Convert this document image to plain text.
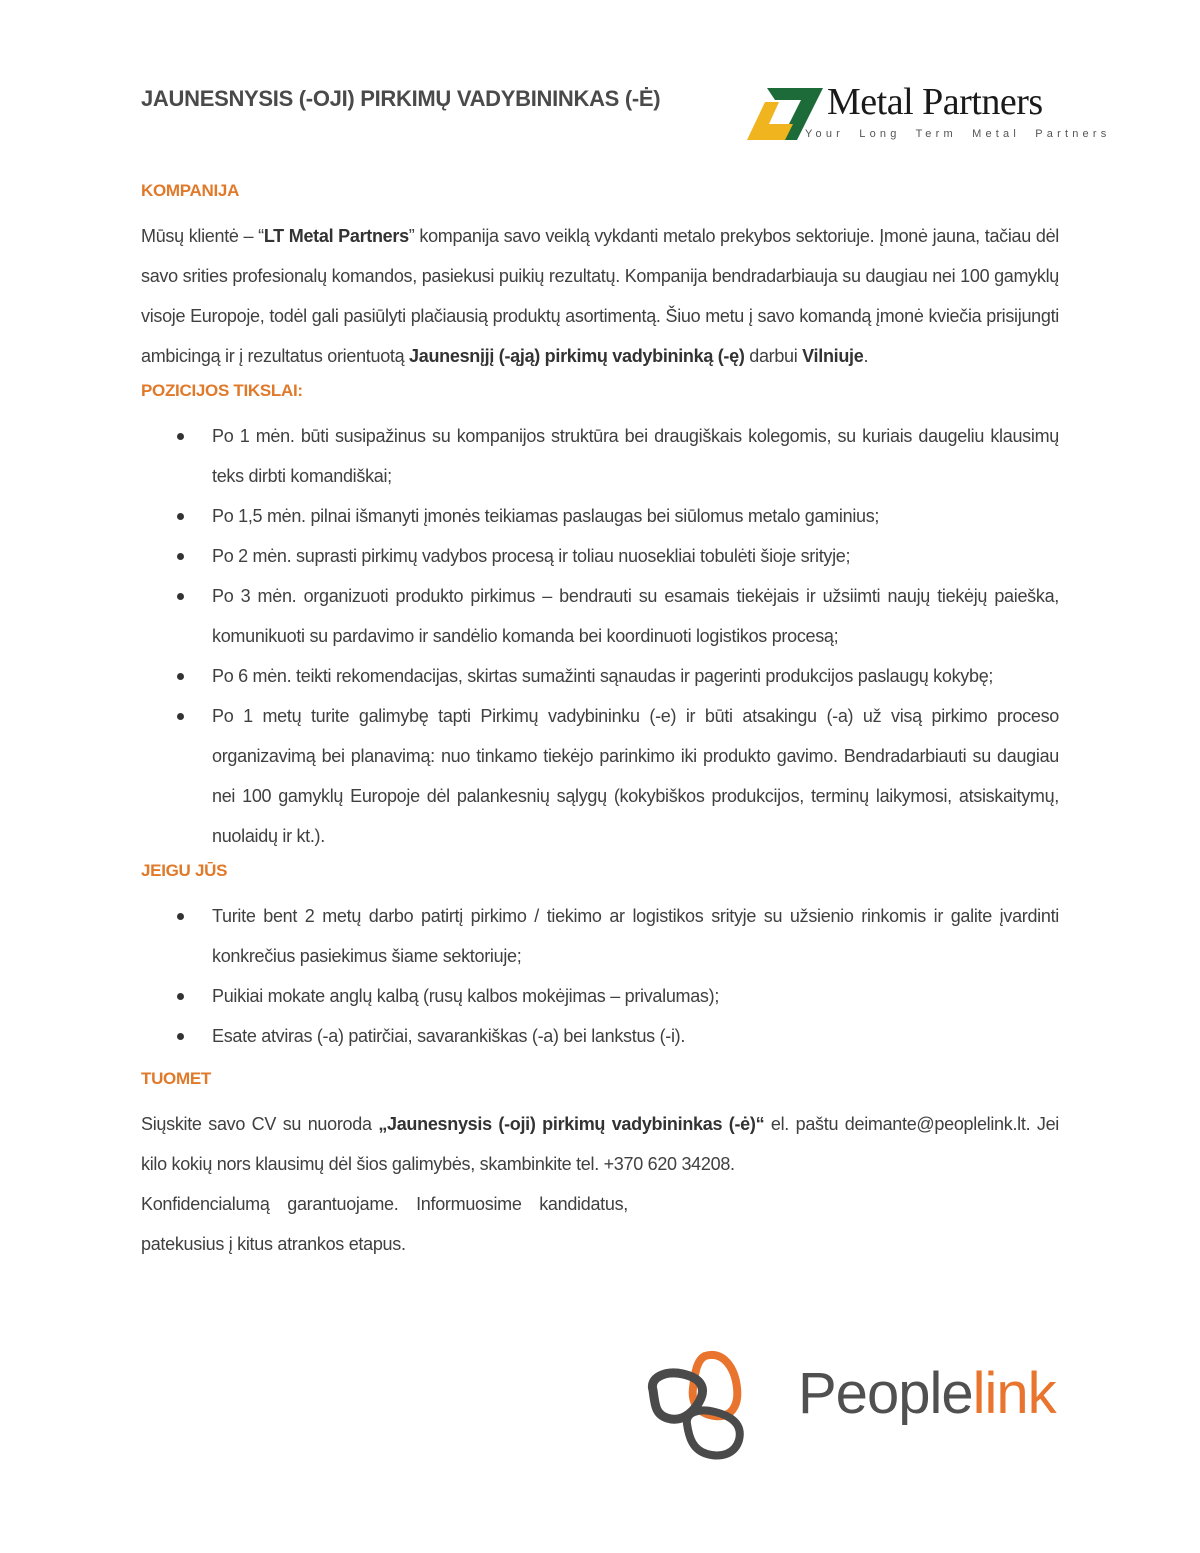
JAUNESNYSIS (-OJI) PIRKIMŲ VADYBININKAS (-Ė)	Metal Partners
Your Long Term Metal Partners
KOMPANIJA

Mūsų klientė – “LT Metal Partners” kompanija savo veiklą vykdanti metalo prekybos sektoriuje. Įmonė jauna, tačiau dėl savo srities profesionalų komandos, pasiekusi puikių rezultatų. Kompanija bendradarbiauja su daugiau nei 100 gamyklų visoje Europoje, todėl gali pasiūlyti plačiausią produktų asortimentą. Šiuo metu į savo komandą įmonė kviečia prisijungti ambicingą ir į rezultatus orientuotą Jaunesnįjį (-ąją) pirkimų vadybininką (-ę) darbui Vilniuje.

POZICIJOS TIKSLAI:
Po 1 mėn. būti susipažinus su kompanijos struktūra bei draugiškais kolegomis, su kuriais daugeliu klausimų teks dirbti komandiškai;
Po 1,5 mėn. pilnai išmanyti įmonės teikiamas paslaugas bei siūlomus metalo gaminius;
Po 2 mėn. suprasti pirkimų vadybos procesą ir toliau nuosekliai tobulėti šioje srityje;
Po 3 mėn. organizuoti produkto pirkimus – bendrauti su esamais tiekėjais ir užsiimti naujų tiekėjų paieška, komunikuoti su pardavimo ir sandėlio komanda bei koordinuoti logistikos procesą;
Po 6 mėn. teikti rekomendacijas, skirtas sumažinti sąnaudas ir pagerinti produkcijos paslaugų kokybę;
Po 1 metų turite galimybę tapti Pirkimų vadybininku (-e) ir būti atsakingu (-a) už visą pirkimo proceso organizavimą bei planavimą: nuo tinkamo tiekėjo parinkimo iki produkto gavimo. Bendradarbiauti su daugiau nei 100 gamyklų Europoje dėl palankesnių sąlygų (kokybiškos produkcijos, terminų laikymosi, atsiskaitymų, nuolaidų ir kt.).
JEIGU JŪS
Turite bent 2 metų darbo patirtį pirkimo / tiekimo ar logistikos srityje su užsienio rinkomis ir galite įvardinti konkrečius pasiekimus šiame sektoriuje;
Puikiai mokate anglų kalbą (rusų kalbos mokėjimas – privalumas);
Esate atviras (-a) patirčiai, savarankiškas (-a) bei lankstus (-i).
TUOMET

Siųskite savo CV su nuoroda „Jaunesnysis (-oji) pirkimų vadybininkas (-ė)“ el. paštu deimante@peoplelink.lt. Jei kilo kokių nors klausimų dėl šios galimybės, skambinkite tel. +370 620 34208.

Konfidencialumą garantuojame. Informuosime kandidatus, patekusius į kitus atrankos etapus.

Peoplelink
